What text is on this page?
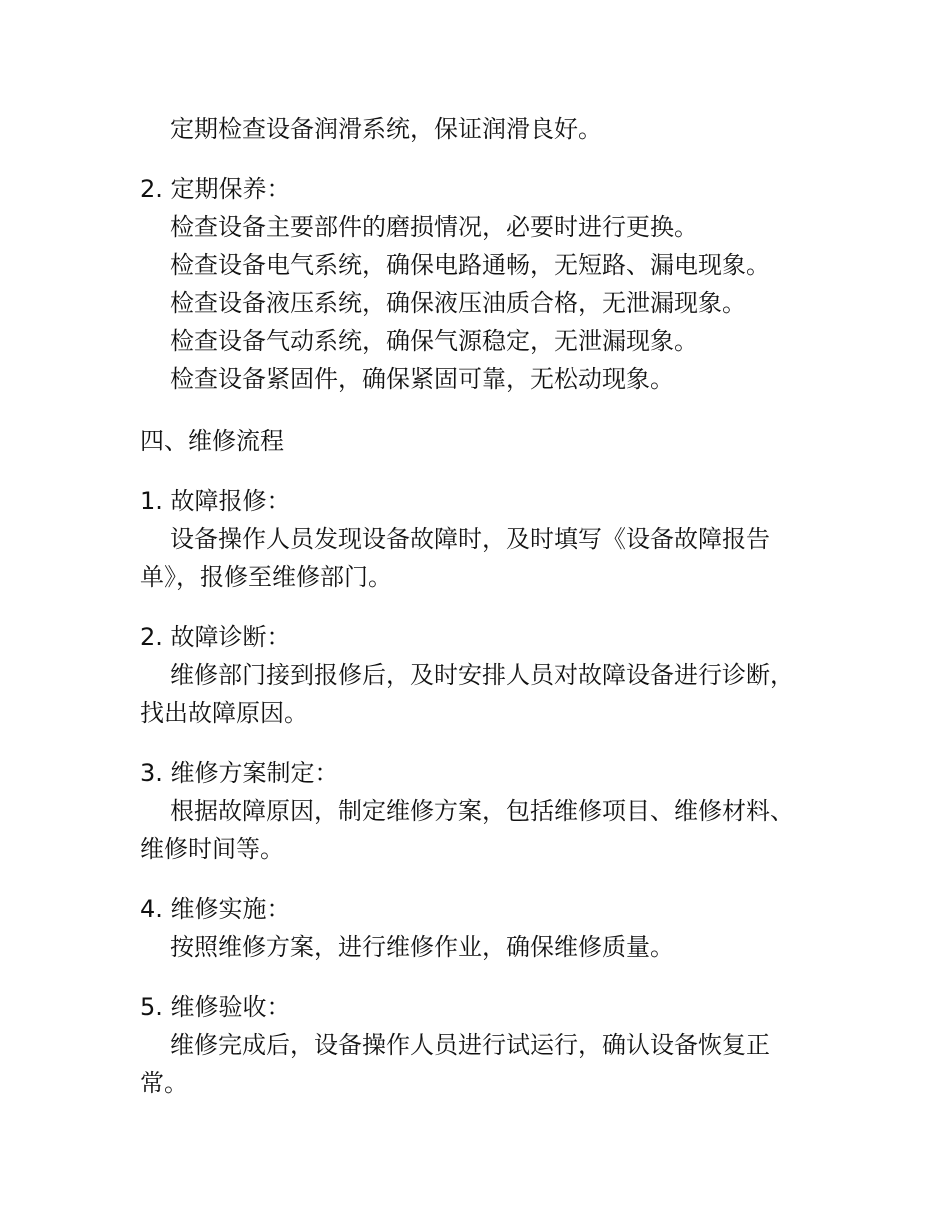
定期检查设备润滑系统，保证润滑良好。

2. 定期保养：

检查设备主要部件的磨损情况，必要时进行更换。

检查设备电气系统，确保电路通畅，无短路、漏电现象。

检查设备液压系统，确保液压油质合格，无泄漏现象。

检查设备气动系统，确保气源稳定，无泄漏现象。

检查设备紧固件，确保紧固可靠，无松动现象。

四、维修流程

1. 故障报修：

设备操作人员发现设备故障时，及时填写《设备故障报告

单》，报修至维修部门。

2. 故障诊断：

维修部门接到报修后，及时安排人员对故障设备进行诊断，

找出故障原因。

3. 维修方案制定：

根据故障原因，制定维修方案，包括维修项目、维修材料、

维修时间等。

4. 维修实施：

按照维修方案，进行维修作业，确保维修质量。

5. 维修验收：

维修完成后，设备操作人员进行试运行，确认设备恢复正

常。
